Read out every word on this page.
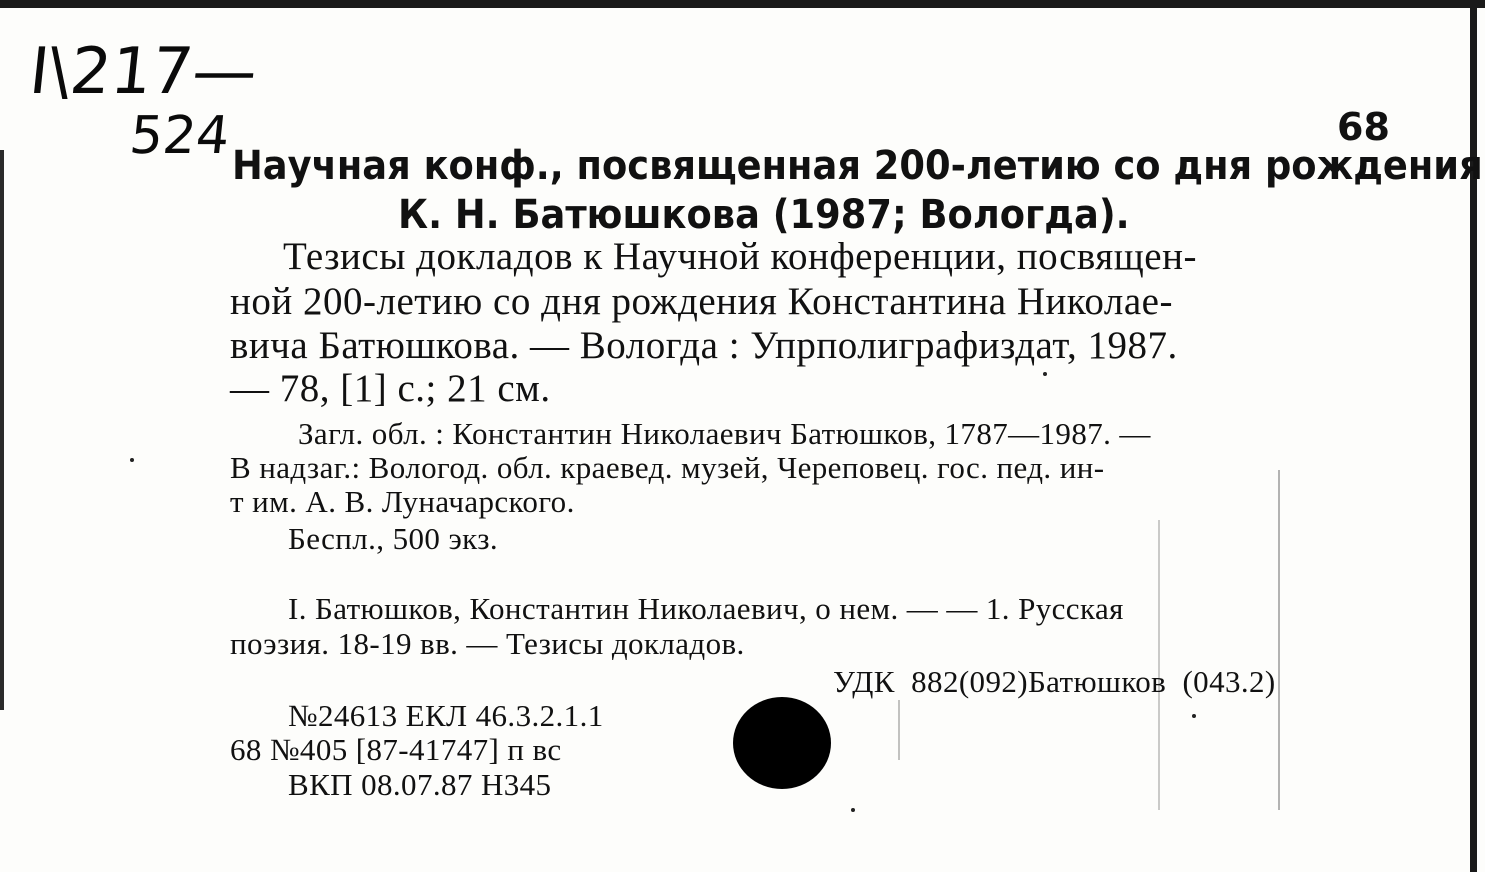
Ⅰ\217—

524	68

Научная конф., посвященная 200-летию со дня рождения

К. Н. Батюшкова (1987; Вологда).

Тезисы докладов к Научной конференции, посвящен-

ной 200-летию со дня рождения Константина Николае-

вича Батюшкова. — Вологда : Упрполиграфиздат, 1987.

— 78, [1] с.; 21 см.

Загл. обл. : Константин Николаевич Батюшков, 1787—1987. —

В надзаг.: Вологод. обл. краевед. музей, Череповец. гос. пед. ин-

т им. А. В. Луначарского.

Беспл., 500 экз.

I. Батюшков, Константин Николаевич, о нем. — — 1. Русская

поэзия. 18-19 вв. — Тезисы докладов.

УДК  882(092)Батюшков  (043.2)

№24613 ЕКЛ 46.3.2.1.1

68 №405 [87-41747] п вс

ВКП 08.07.87 Н345
